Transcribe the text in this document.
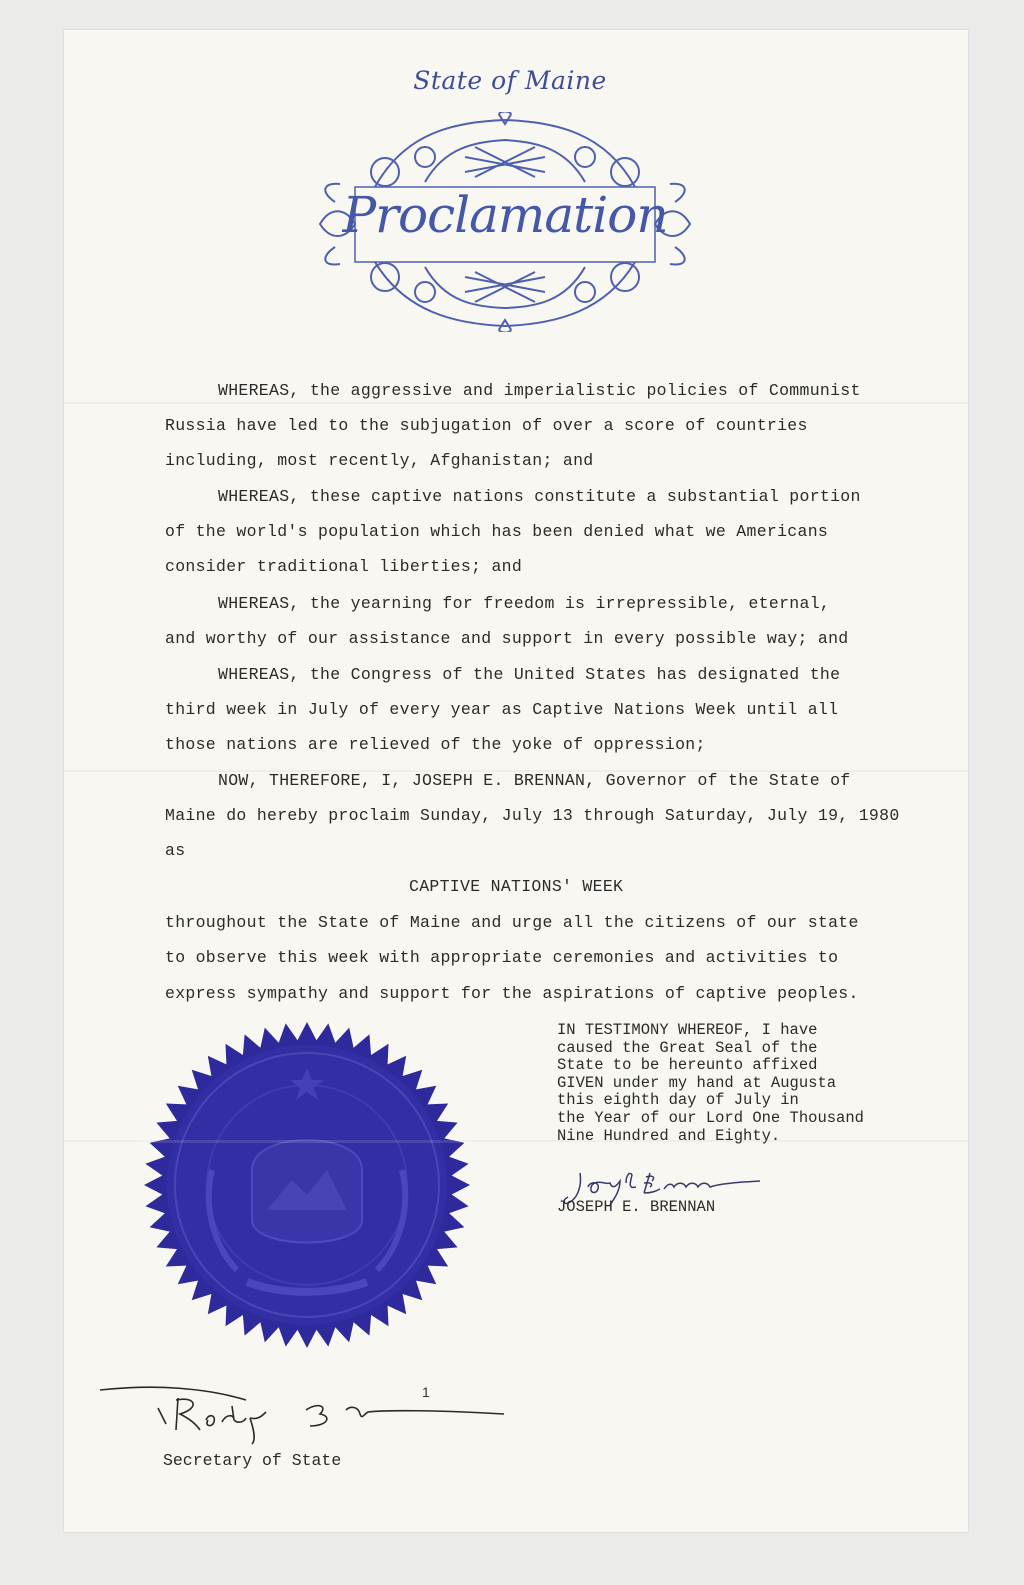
State of Maine
Proclamation
WHEREAS, the aggressive and imperialistic policies of Communist
Russia have led to the subjugation of over a score of countries
including, most recently, Afghanistan; and
WHEREAS, these captive nations constitute a substantial portion
of the world's population which has been denied what we Americans
consider traditional liberties; and
WHEREAS, the yearning for freedom is irrepressible, eternal,
and worthy of our assistance and support in every possible way; and
WHEREAS, the Congress of the United States has designated the
third week in July of every year as Captive Nations Week until all
those nations are relieved of the yoke of oppression;
NOW, THEREFORE, I, JOSEPH E. BRENNAN, Governor of the State of
Maine do hereby proclaim Sunday, July 13 through Saturday, July 19, 1980
as
CAPTIVE NATIONS' WEEK
throughout the State of Maine and urge all the citizens of our state
to observe this week with appropriate ceremonies and activities to
express sympathy and support for the aspirations of captive peoples.
IN TESTIMONY WHEREOF, I have
caused the Great Seal of the
State to be hereunto affixed
GIVEN under my hand at Augusta
this eighth day of July in
the Year of our Lord One Thousand
Nine Hundred and Eighty.
JOSEPH E. BRENNAN
1
Secretary of State
